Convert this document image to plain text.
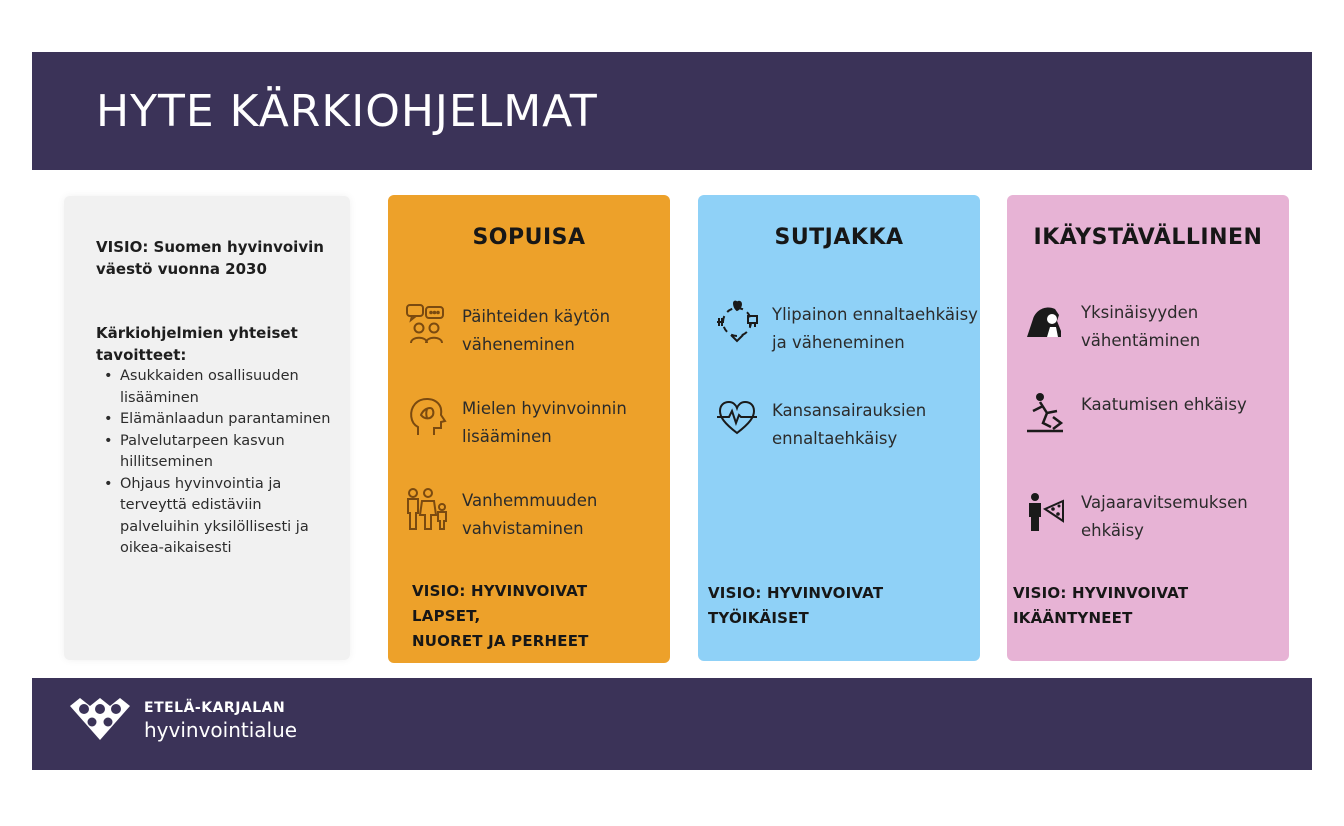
HYTE KÄRKIOHJELMAT

VISIO: Suomen hyvinvoivin
väestö vuonna 2030

Kärkiohjelmien yhteiset
tavoitteet:

• Asukkaiden osallisuuden
lisääminen
• Elämänlaadun parantaminen
• Palvelutarpeen kasvun
hillitseminen
• Ohjaus hyvinvointia ja
terveyttä edistäviin
palveluihin yksilöllisesti ja
oikea-aikaisesti
SOPUISA
Päihteiden käytön
väheneminen
Mielen hyvinvoinnin
lisääminen
Vanhemmuuden
vahvistaminen
VISIO: HYVINVOIVAT LAPSET,
NUORET JA PERHEET
SUTJAKKA
Ylipainon ennaltaehkäisy
ja väheneminen
Kansansairauksien
ennaltaehkäisy
VISIO: HYVINVOIVAT TYÖIKÄISET
IKÄYSTÄVÄLLINEN
Yksinäisyyden
vähentäminen
Kaatumisen ehkäisy
Vajaaravitsemuksen
ehkäisy
VISIO: HYVINVOIVAT IKÄÄNTYNEET
ETELÄ-KARJALAN
hyvinvointialue
